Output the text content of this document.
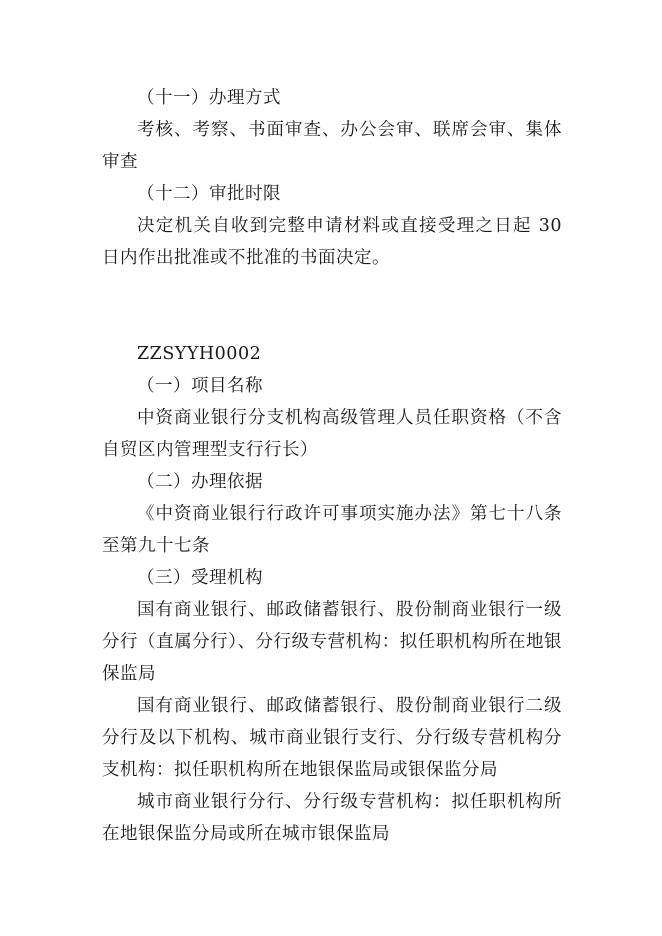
（十一）办理方式

考核、考察、书面审查、办公会审、联席会审、集体审查

（十二）审批时限

决定机关自收到完整申请材料或直接受理之日起 30 日内作出批准或不批准的书面决定。

ZZSYYH0002

（一）项目名称

中资商业银行分支机构高级管理人员任职资格（不含自贸区内管理型支行行长）

（二）办理依据

《中资商业银行行政许可事项实施办法》第七十八条至第九十七条

（三）受理机构

国有商业银行、邮政储蓄银行、股份制商业银行一级分行（直属分行）、分行级专营机构：拟任职机构所在地银保监局

国有商业银行、邮政储蓄银行、股份制商业银行二级分行及以下机构、城市商业银行支行、分行级专营机构分支机构：拟任职机构所在地银保监局或银保监分局

城市商业银行分行、分行级专营机构：拟任职机构所在地银保监分局或所在城市银保监局
